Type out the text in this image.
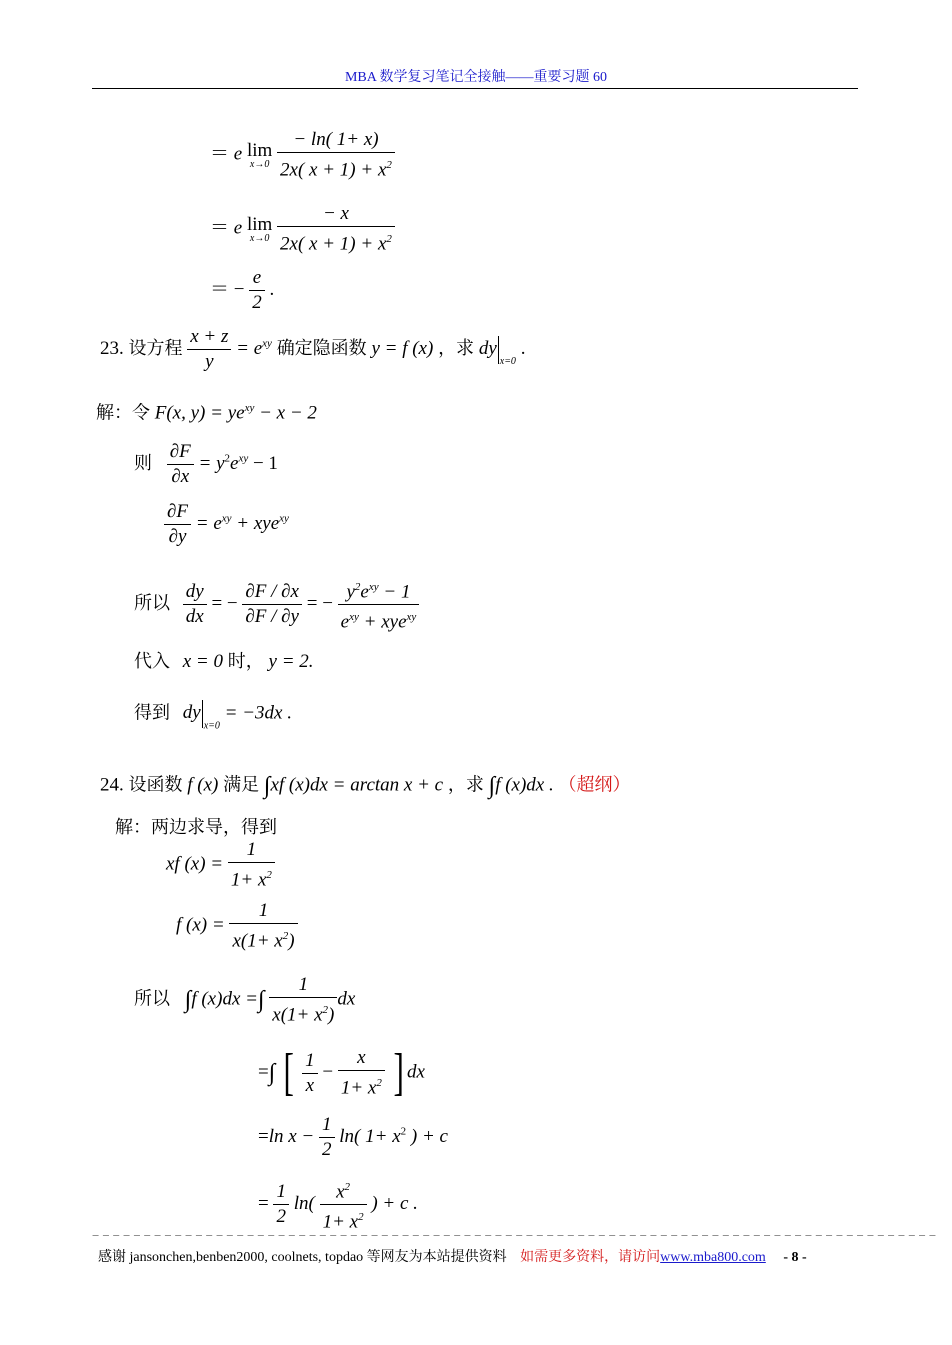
MBA 数学复习笔记全接触——重要习题 60
＝ e lim
x→0
$\frac{- \ln( 1+ x)}{2x( x + 1) + x^2}$
＝ e lim
x→0
$\frac{- x}{2x( x + 1) + x^2}$
＝ − $\frac{e}{2}$ .
23. 设方程 $\frac{x + z}{y} = e^{xy}$ 确定隐函数 y = f (x) ，求 $dy_{x=0}$ .
解：令 F(x, $y) = ye^{xy} - x - 2$
则 $\frac{\partial F}{\partial x} = y^2e^{xy} - 1$
$\frac{\partial F}{\partial y} = e^{xy} + xye^{xy}$
所以 $\frac{dy}{dx}$ = − $\frac{\partial F / \partial x}{\partial F / \partial y}$ = − $\frac{y^2e^{xy} - 1}{e^{xy} + xye^{xy}}$
代入 x = 0 时， y = 2.
得到 $dy_{x=0} = -3dx$ .
24. 设函数 f (x) 满足 ∫xf (x)dx = arctan x + c ，求 ∫f (x)dx . （超纲）
解：两边求导，得到
xf $(x) = \frac{1}{1+ x^2}$
f $(x) = \frac{1}{x(1+ x^2)}$
所以 ∫f (x)dx =∫ $\frac{1}{x(1+ x^2)}$ dx
=∫ [ $\frac{1}{x} - \frac{x}{1+ x^2}$ ] dx
=ln $x - \frac{1}{2} \ln$( $1+ x^2$ ) + c
= $\frac{1}{2} \ln( \frac{x^2}{1+ x^2}$ ) + c .
−−−−−−−−−−−−−−−−−−−−−−−−−−−−−−−−−−−−−−−−−−−−−−−−−−−−−−−−−−−−−−−−−−−−−−−−−−−−−−−−−−
感谢 jansonchen,benben2000, coolnets, topdao 等网友为本站提供资料 如需更多资料，请访问www.mba800.com - 8 -
